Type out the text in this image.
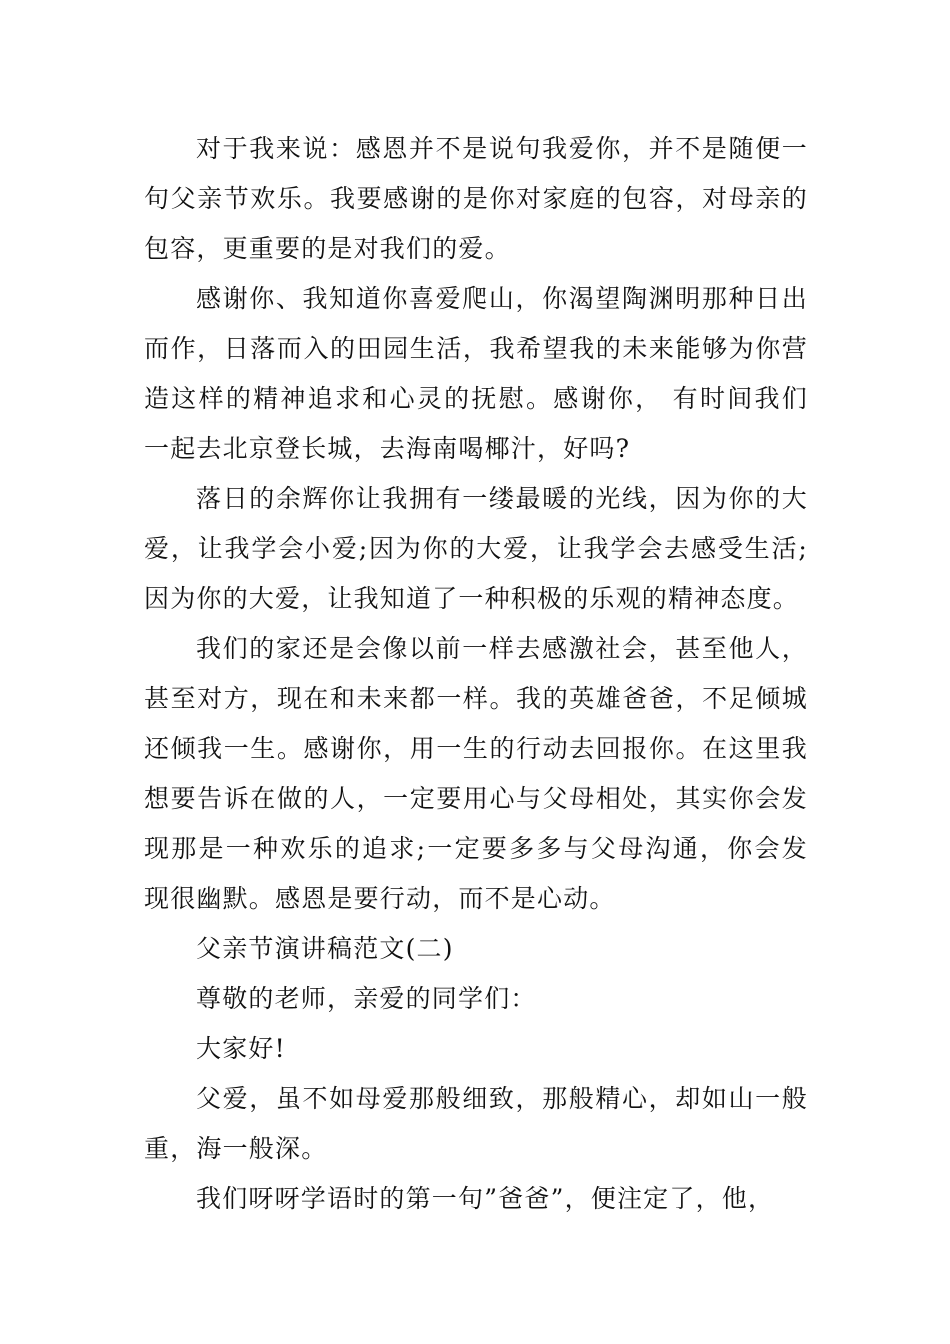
对于我来说：感恩并不是说句我爱你，并不是随便一句父亲节欢乐。我要感谢的是你对家庭的包容，对母亲的包容，更重要的是对我们的爱。

感谢你、我知道你喜爱爬山，你渴望陶渊明那种日出而作，日落而入的田园生活，我希望我的未来能够为你营造这样的精神追求和心灵的抚慰。感谢你， 有时间我们一起去北京登长城，去海南喝椰汁，好吗?

落日的余辉你让我拥有一缕最暖的光线，因为你的大爱，让我学会小爱;因为你的大爱，让我学会去感受生活;因为你的大爱，让我知道了一种积极的乐观的精神态度。

我们的家还是会像以前一样去感激社会，甚至他人，甚至对方，现在和未来都一样。我的英雄爸爸，不足倾城还倾我一生。感谢你，用一生的行动去回报你。在这里我想要告诉在做的人，一定要用心与父母相处，其实你会发现那是一种欢乐的追求;一定要多多与父母沟通，你会发现很幽默。感恩是要行动，而不是心动。

父亲节演讲稿范文(二)

尊敬的老师，亲爱的同学们：

大家好!

父爱，虽不如母爱那般细致，那般精心，却如山一般重，海一般深。

我们呀呀学语时的第一句”爸爸”，便注定了，他，
